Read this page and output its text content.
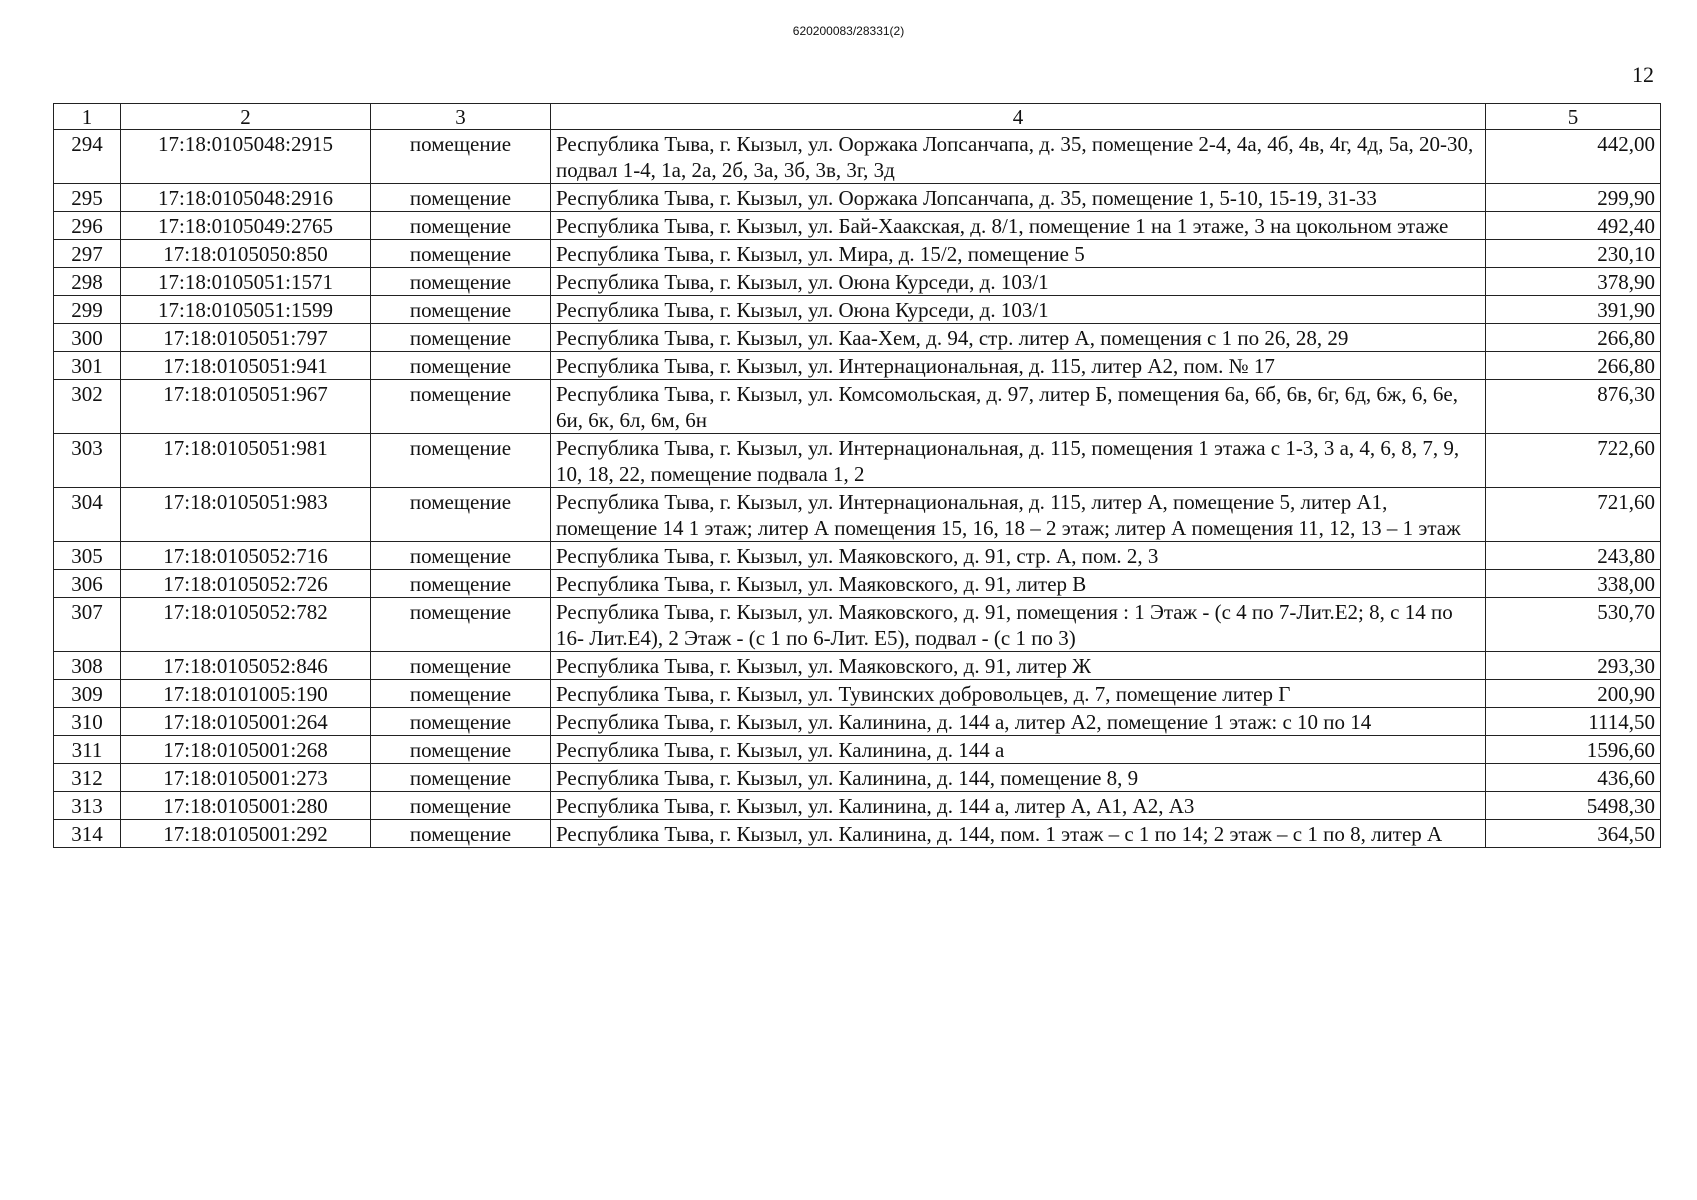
620200083/28331(2)
12
1	2	3	4	5
294	17:18:0105048:2915	помещение	Республика Тыва, г. Кызыл, ул. Ооржака Лопсанчапа, д. 35, помещение 2-4, 4а, 4б, 4в, 4г, 4д, 5а, 20-30, подвал 1-4, 1а, 2а, 2б, 3а, 3б, 3в, 3г, 3д	442,00
295	17:18:0105048:2916	помещение	Республика Тыва, г. Кызыл, ул. Ооржака Лопсанчапа, д. 35, помещение 1, 5-10, 15-19, 31-33	299,90
296	17:18:0105049:2765	помещение	Республика Тыва, г. Кызыл, ул. Бай-Хаакская, д. 8/1, помещение 1 на 1 этаже, 3 на цокольном этаже	492,40
297	17:18:0105050:850	помещение	Республика Тыва, г. Кызыл, ул. Мира, д. 15/2, помещение 5	230,10
298	17:18:0105051:1571	помещение	Республика Тыва, г. Кызыл, ул. Оюна Курседи, д. 103/1	378,90
299	17:18:0105051:1599	помещение	Республика Тыва, г. Кызыл, ул. Оюна Курседи, д. 103/1	391,90
300	17:18:0105051:797	помещение	Республика Тыва, г. Кызыл, ул. Каа-Хем, д. 94, стр. литер А, помещения с 1 по 26, 28, 29	266,80
301	17:18:0105051:941	помещение	Республика Тыва, г. Кызыл, ул. Интернациональная, д. 115, литер А2, пом. № 17	266,80
302	17:18:0105051:967	помещение	Республика Тыва, г. Кызыл, ул. Комсомольская, д. 97, литер Б, помещения 6а, 6б, 6в, 6г, 6д, 6ж, 6, 6е, 6и, 6к, 6л, 6м, 6н	876,30
303	17:18:0105051:981	помещение	Республика Тыва, г. Кызыл, ул. Интернациональная, д. 115, помещения 1 этажа с 1-3, 3 а, 4, 6, 8, 7, 9, 10, 18, 22, помещение подвала 1, 2	722,60
304	17:18:0105051:983	помещение	Республика Тыва, г. Кызыл, ул. Интернациональная, д. 115, литер А, помещение 5, литер А1, помещение 14 1 этаж; литер А помещения 15, 16, 18 – 2 этаж; литер А помещения 11, 12, 13 – 1 этаж	721,60
305	17:18:0105052:716	помещение	Республика Тыва, г. Кызыл, ул. Маяковского, д. 91, стр. А, пом. 2, 3	243,80
306	17:18:0105052:726	помещение	Республика Тыва, г. Кызыл, ул. Маяковского, д. 91, литер В	338,00
307	17:18:0105052:782	помещение	Республика Тыва, г. Кызыл, ул. Маяковского, д. 91, помещения : 1 Этаж - (с 4 по 7-Лит.Е2; 8, с 14 по 16- Лит.Е4), 2 Этаж - (с 1 по 6-Лит. Е5), подвал - (с 1 по 3)	530,70
308	17:18:0105052:846	помещение	Республика Тыва, г. Кызыл, ул. Маяковского, д. 91, литер Ж	293,30
309	17:18:0101005:190	помещение	Республика Тыва, г. Кызыл, ул. Тувинских добровольцев, д. 7, помещение литер Г	200,90
310	17:18:0105001:264	помещение	Республика Тыва, г. Кызыл, ул. Калинина, д. 144 а, литер А2, помещение 1 этаж: с 10 по 14	1114,50
311	17:18:0105001:268	помещение	Республика Тыва, г. Кызыл, ул. Калинина, д. 144 а	1596,60
312	17:18:0105001:273	помещение	Республика Тыва, г. Кызыл, ул. Калинина, д. 144, помещение 8, 9	436,60
313	17:18:0105001:280	помещение	Республика Тыва, г. Кызыл, ул. Калинина, д. 144 а, литер А, А1, А2, А3	5498,30
314	17:18:0105001:292	помещение	Республика Тыва, г. Кызыл, ул. Калинина, д. 144, пом. 1 этаж – с 1 по 14; 2 этаж – с 1 по 8, литер А	364,50
